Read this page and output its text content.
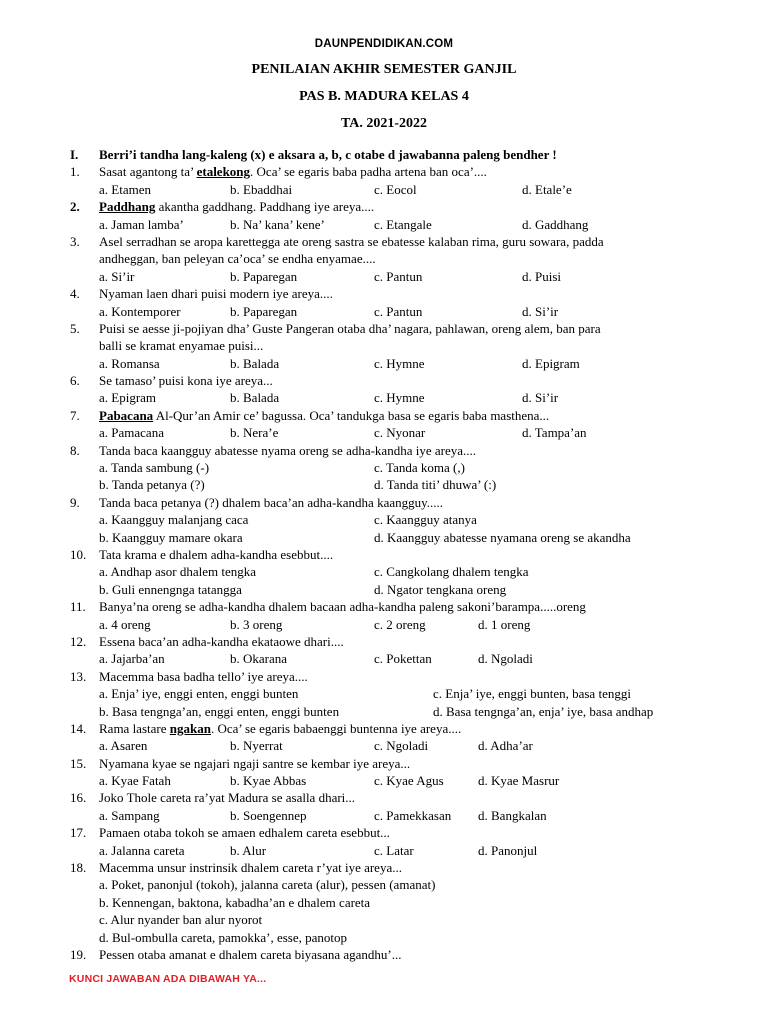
DAUNPENDIDIKAN.COM
PENILAIAN AKHIR SEMESTER GANJIL
PAS B. MADURA KELAS 4
TA. 2021-2022
I. Berri’i tandha lang-kaleng (x) e aksara a, b, c otabe d jawabanna paleng bendher !
1. Sasat agantong ta’ etalekong. Oca’ se egaris baba padha artena ban oca’....
a. Etamen	b. Ebaddhai	c. Eocol	d. Etale’e
2. Paddhang akantha gaddhang. Paddhang iye areya....
a. Jaman lamba’	b. Na’ kana’ kene’	c. Etangale	d. Gaddhang
3. Asel serradhan se aropa karettegga ate oreng sastra se ebatesse kalaban rima, guru sowara, padda
andheggan, ban peleyan ca’oca’ se endha enyamae....
a. Si’ir	b. Paparegan	c. Pantun	d. Puisi
4. Nyaman laen dhari puisi modern iye areya....
a. Kontemporer	b. Paparegan	c. Pantun	d. Si’ir
5. Puisi se aesse ji-pojiyan dha’ Guste Pangeran otaba dha’ nagara, pahlawan, oreng alem, ban para
balli se kramat enyamae puisi...
a. Romansa	b. Balada	c. Hymne	d. Epigram
6. Se tamaso’ puisi kona iye areya...
a. Epigram	b. Balada	c. Hymne	d. Si’ir
7. Pabacana Al-Qur’an Amir ce’ bagussa. Oca’ tandukga basa se egaris baba masthena...
a. Pamacana	b. Nera’e	c. Nyonar	d. Tampa’an
8. Tanda baca kaangguy abatesse nyama oreng se adha-kandha iye areya....
a. Tanda sambung (-)	c. Tanda koma (,)
b. Tanda petanya (?)	d. Tanda titi’ dhuwa’ (:)
9. Tanda baca petanya (?) dhalem baca’an adha-kandha kaangguy.....
a. Kaangguy malanjang caca	c. Kaangguy atanya
b. Kaangguy mamare okara	d. Kaangguy abatesse nyamana oreng se akandha
10. Tata krama e dhalem adha-kandha esebbut....
a. Andhap asor dhalem tengka	c. Cangkolang dhalem tengka
b. Guli ennengnga tatangga	d. Ngator tengkana oreng
11. Banya’na oreng se adha-kandha dhalem bacaan adha-kandha paleng sakoni’barampa.....oreng
a. 4 oreng	b. 3 oreng	c. 2 oreng	d. 1 oreng
12. Essena baca’an adha-kandha ekataowe dhari....
a. Jajarba’an	b. Okarana	c. Pokettan	d. Ngoladi
13. Macemma basa badha tello’ iye areya....
a. Enja’ iye, enggi enten, enggi bunten	c. Enja’ iye, enggi bunten, basa tenggi
b. Basa tengnga’an, enggi enten, enggi bunten	d. Basa tengnga’an, enja’ iye, basa andhap
14. Rama lastare ngakan. Oca’ se egaris babaenggi buntenna iye areya....
a. Asaren	b. Nyerrat	c. Ngoladi	d. Adha’ar
15. Nyamana kyae se ngajari ngaji santre se kembar iye areya...
a. Kyae Fatah	b. Kyae Abbas	c. Kyae Agus	d. Kyae Masrur
16. Joko Thole careta ra’yat Madura se asalla dhari...
a. Sampang	b. Soengennep	c. Pamekkasan d. Bangkalan
17. Pamaen otaba tokoh se amaen edhalem careta esebbut...
a. Jalanna careta	b. Alur	c. Latar	d. Panonjul
18. Macemma unsur instrinsik dhalem careta r’yat iye areya...
a. Poket, panonjul (tokoh), jalanna careta (alur), pessen (amanat)
b. Kennengan, baktona, kabadha’an e dhalem careta
c. Alur nyander ban alur nyorot
d. Bul-ombulla careta, pamokka’, esse, panotop
19. Pessen otaba amanat e dhalem careta biyasana agandhu’...
KUNCI JAWABAN ADA DIBAWAH YA...
